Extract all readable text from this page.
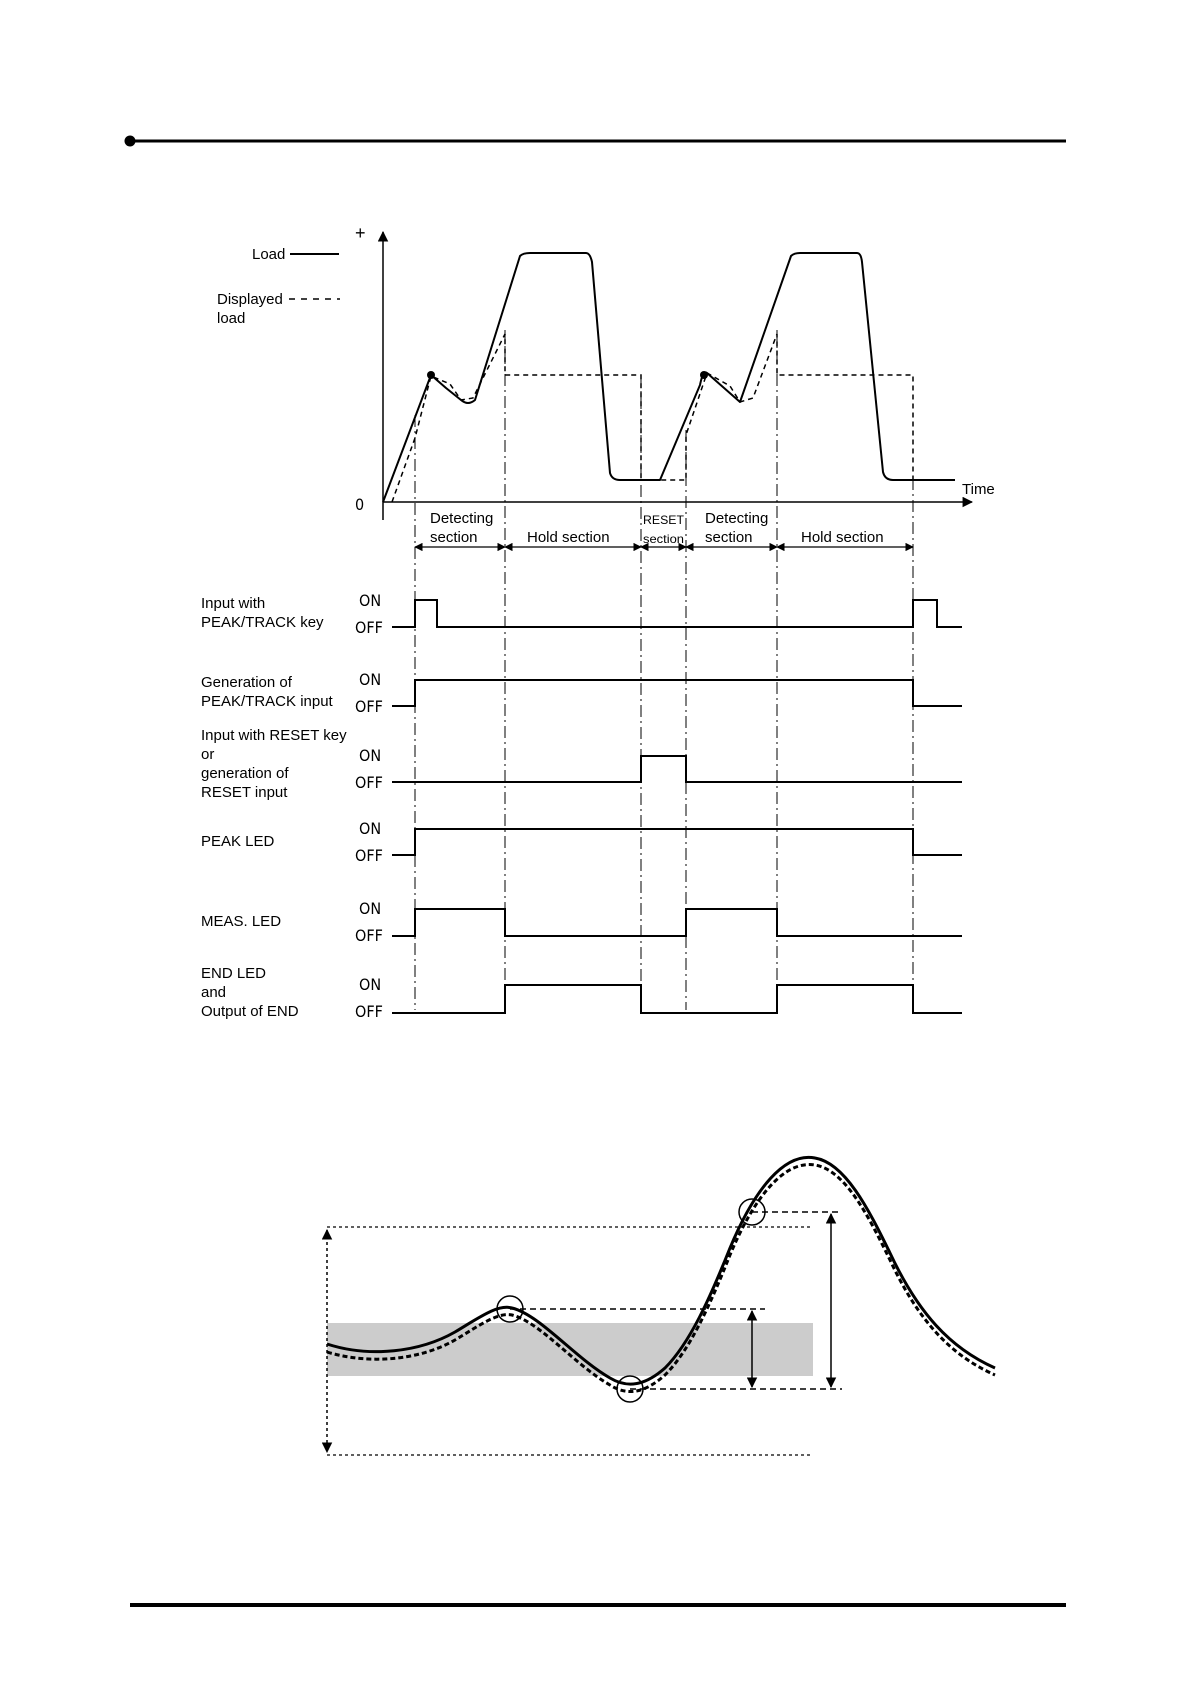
+
0
Time
Load
Displayed
load
Detecting
section	Hold section
RESET
section
Detecting
section	Hold section
Input with
PEAK/TRACK key
Generation of
PEAK/TRACK input
Input with RESET key
or
generation of
RESET input
PEAK LED
MEAS. LED
END LED
and
Output of END
ON
OFF
ON
OFF
ON
OFF
ON
OFF
ON
OFF
ON
OFF
